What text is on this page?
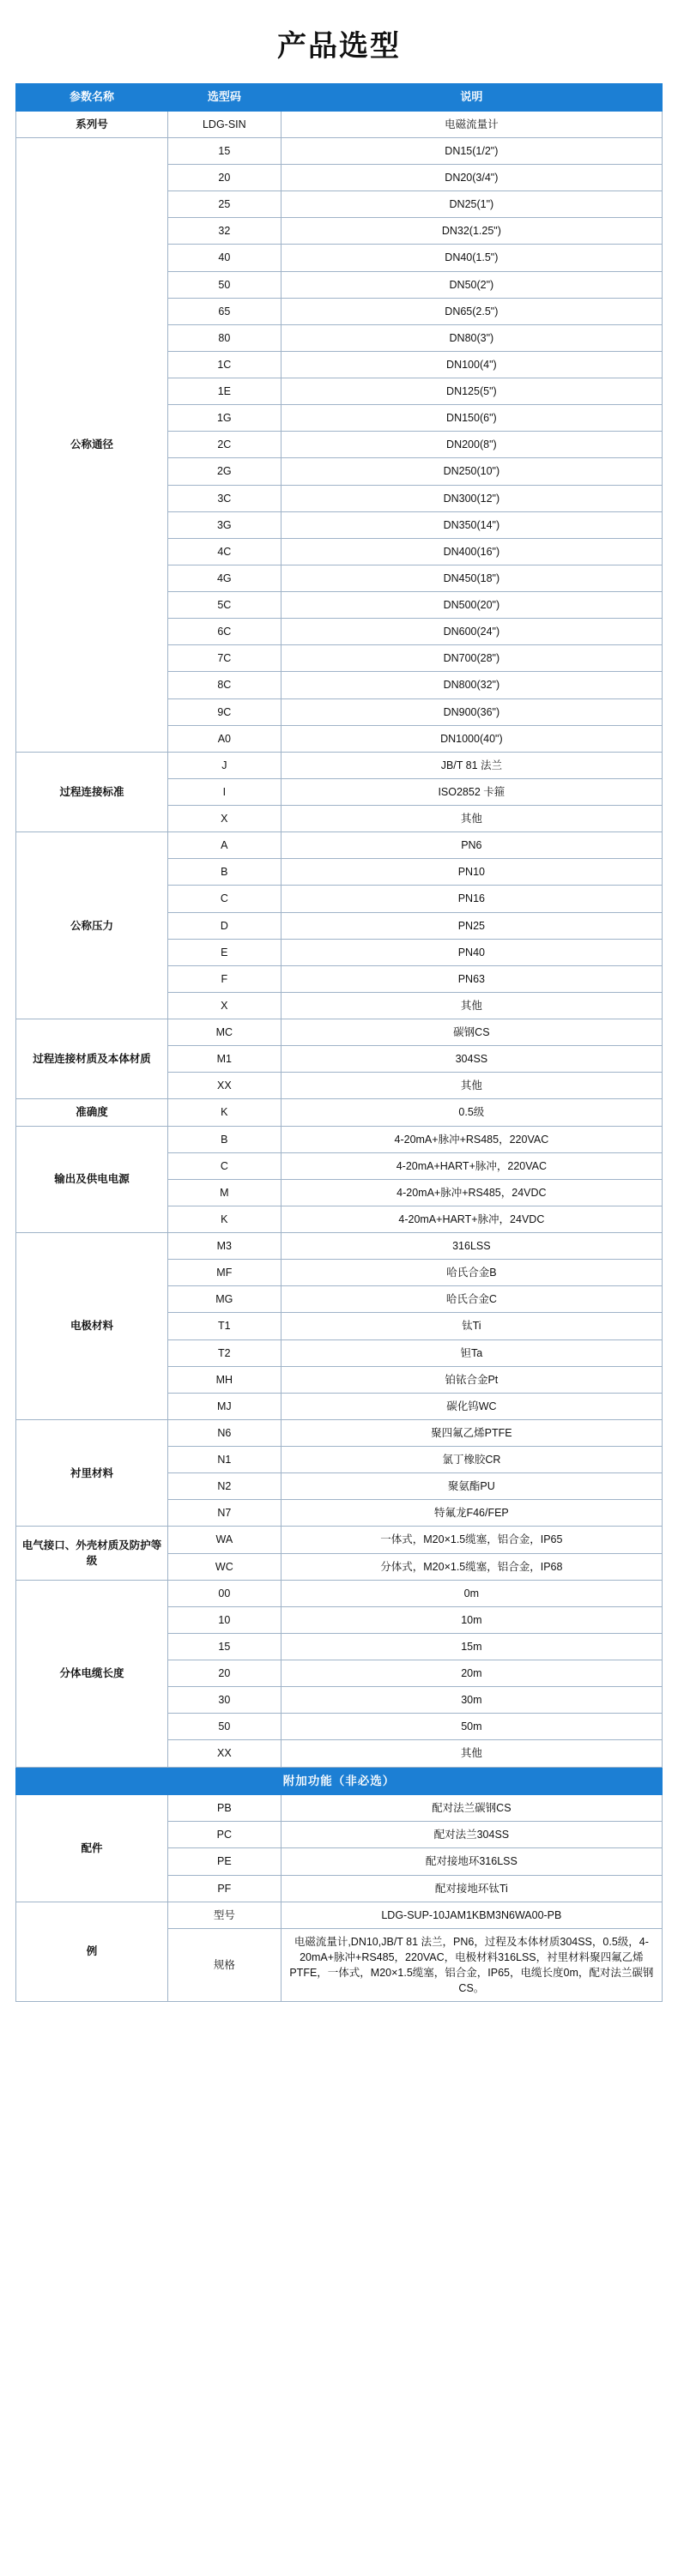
产品选型
参数名称	选型码	说明
系列号	LDG-SIN	电磁流量计
公称通径	15	DN15(1/2")
	20	DN20(3/4")
	25	DN25(1")
	32	DN32(1.25")
	40	DN40(1.5")
	50	DN50(2")
	65	DN65(2.5")
	80	DN80(3")
	1C	DN100(4")
	1E	DN125(5")
	1G	DN150(6")
	2C	DN200(8")
	2G	DN250(10")
	3C	DN300(12")
	3G	DN350(14")
	4C	DN400(16")
	4G	DN450(18")
	5C	DN500(20")
	6C	DN600(24")
	7C	DN700(28")
	8C	DN800(32")
	9C	DN900(36")
	A0	DN1000(40")
过程连接标准	J	JB/T 81 法兰
	I	ISO2852 卡箍
	X	其他
公称压力	A	PN6
	B	PN10
	C	PN16
	D	PN25
	E	PN40
	F	PN63
	X	其他
过程连接材质及本体材质	MC	碳钢CS
	M1	304SS
	XX	其他
准确度	K	0.5级
输出及供电电源	B	4-20mA+脉冲+RS485，220VAC
	C	4-20mA+HART+脉冲，220VAC
	M	4-20mA+脉冲+RS485，24VDC
	K	4-20mA+HART+脉冲，24VDC
电极材料	M3	316LSS
	MF	哈氏合金B
	MG	哈氏合金C
	T1	钛Ti
	T2	钽Ta
	MH	铂铱合金Pt
	MJ	碳化钨WC
衬里材料	N6	聚四氟乙烯PTFE
	N1	氯丁橡胶CR
	N2	聚氨酯PU
	N7	特氟龙F46/FEP
电气接口、外壳材质及防护等级	WA	一体式，M20×1.5缆塞，铝合金，IP65
	WC	分体式，M20×1.5缆塞，铝合金，IP68
分体电缆长度	00	0m
	10	10m
	15	15m
	20	20m
	30	30m
	50	50m
	XX	其他
附加功能（非必选）		
配件	PB	配对法兰碳钢CS
	PC	配对法兰304SS
	PE	配对接地环316LSS
	PF	配对接地环钛Ti
例	型号	LDG-SUP-10JAM1KBM3N6WA00-PB
	规格	电磁流量计,DN10,JB/T 81 法兰，PN6，过程及本体材质304SS，0.5级，4-20mA+脉冲+RS485，220VAC，电极材料316LSS，衬里材料聚四氟乙烯PTFE，一体式，M20×1.5缆塞，铝合金，IP65，电缆长度0m，配对法兰碳钢CS。
